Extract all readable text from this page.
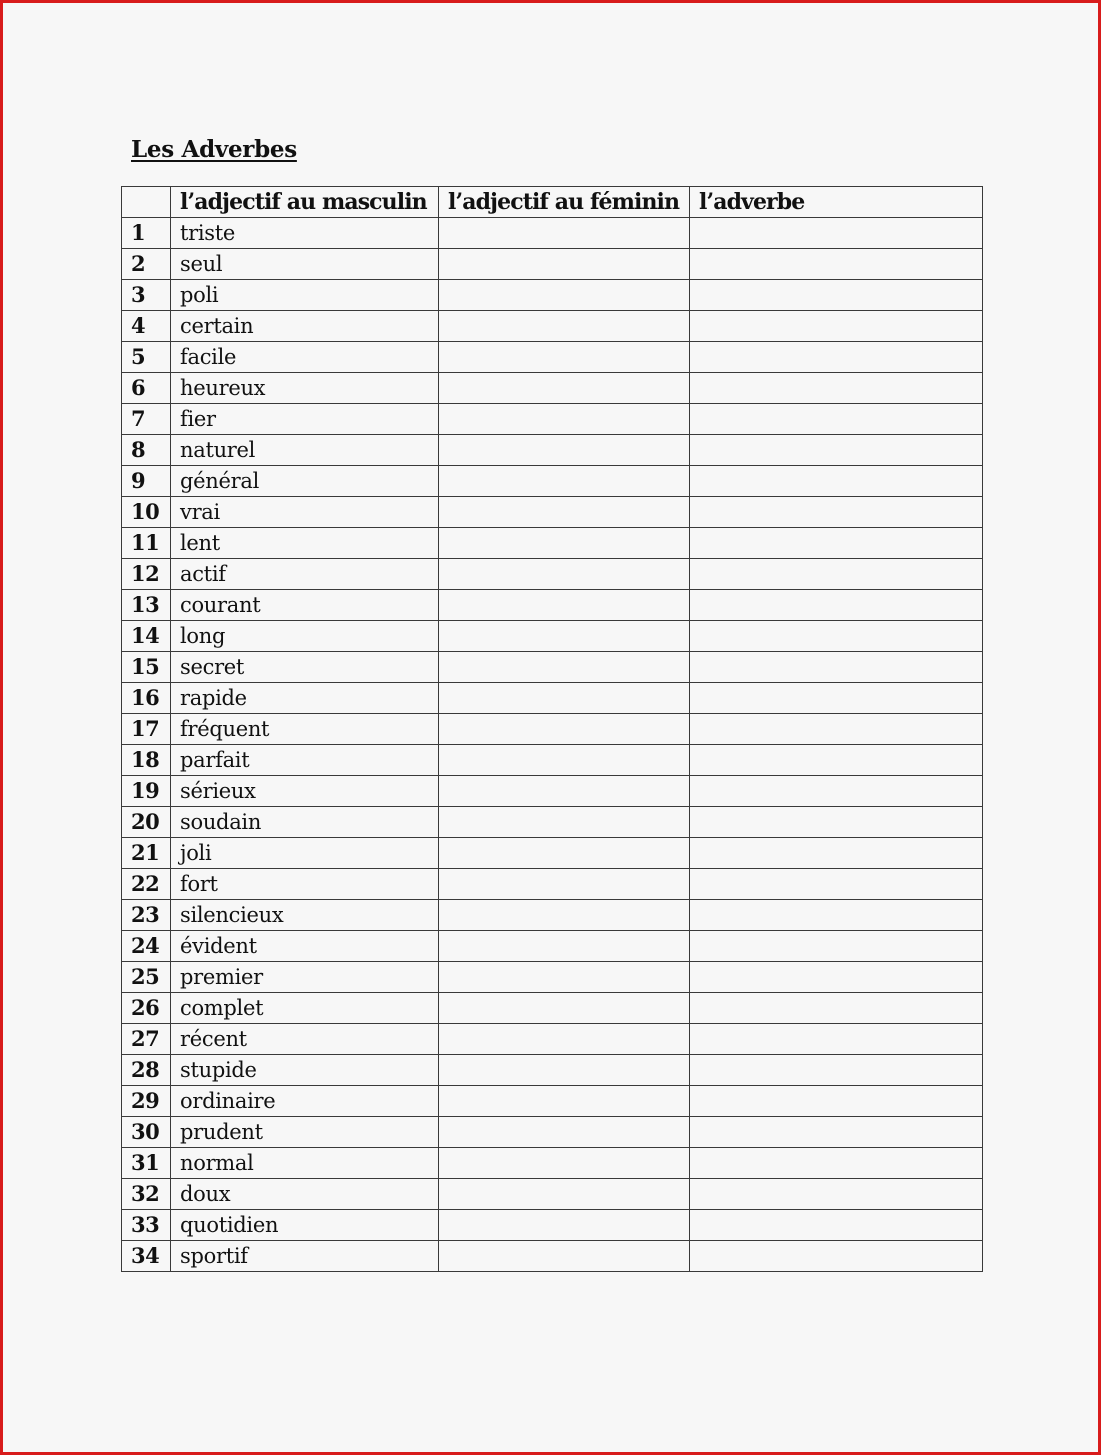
Les Adverbes
	l’adjectif au masculin	l’adjectif au féminin	l’adverbe
1	triste		
2	seul		
3	poli		
4	certain		
5	facile		
6	heureux		
7	fier		
8	naturel		
9	général		
10	vrai		
11	lent		
12	actif		
13	courant		
14	long		
15	secret		
16	rapide		
17	fréquent		
18	parfait		
19	sérieux		
20	soudain		
21	joli		
22	fort		
23	silencieux		
24	évident		
25	premier		
26	complet		
27	récent		
28	stupide		
29	ordinaire		
30	prudent		
31	normal		
32	doux		
33	quotidien		
34	sportif		
